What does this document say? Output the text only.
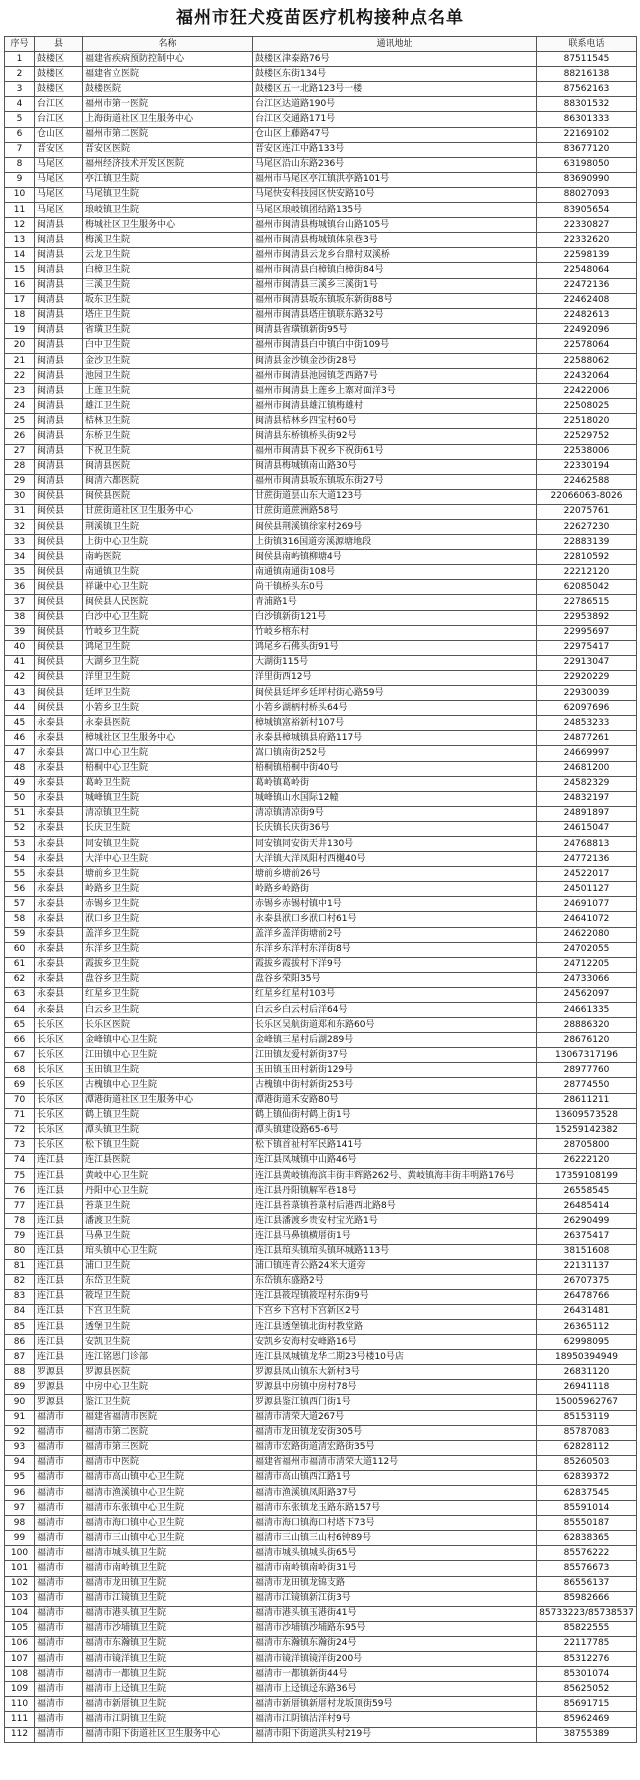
福州市狂犬疫苗医疗机构接种点名单
序号	县	名称	通讯地址	联系电话
1	鼓楼区	福建省疾病预防控制中心	鼓楼区津泰路76号	87511545
2	鼓楼区	福建省立医院	鼓楼区东街134号	88216138
3	鼓楼区	鼓楼医院	鼓楼区五一北路123号一楼	87562163
4	台江区	福州市第一医院	台江区达道路190号	88301532
5	台江区	上海街道社区卫生服务中心	台江区交通路171号	86301333
6	仓山区	福州市第二医院	仓山区上藤路47号	22169102
7	晋安区	晋安区医院	晋安区连江中路133号	83677120
8	马尾区	福州经济技术开发区医院	马尾区沿山东路236号	63198050
9	马尾区	亭江镇卫生院	福州市马尾区亭江镇洪亭路101号	83690990
10	马尾区	马尾镇卫生院	马尾快安科技园区快安路10号	88027093
11	马尾区	琅岐镇卫生院	马尾区琅岐镇团结路135号	83905654
12	闽清县	梅城社区卫生服务中心	福州市闽清县梅城镇台山路105号	22330827
13	闽清县	梅溪卫生院	福州市闽清县梅城镇体泉巷3号	22332620
14	闽清县	云龙卫生院	福州市闽清县云龙乡台鼎村双溪桥	22598139
15	闽清县	白樟卫生院	福州市闽清县白樟镇白樟街84号	22548064
16	闽清县	三溪卫生院	福州市闽清县三溪乡三溪街1号	22472136
17	闽清县	坂东卫生院	福州市闽清县坂东镇坂东新街88号	22462408
18	闽清县	塔庄卫生院	福州市闽清县塔庄镇联东路32号	22482613
19	闽清县	省璜卫生院	闽清县省璜镇新街95号	22492096
20	闽清县	白中卫生院	福州市闽清县白中镇白中街109号	22578064
21	闽清县	金沙卫生院	闽清县金沙镇金沙街28号	22588062
22	闽清县	池园卫生院	福州市闽清县池园镇芝西路7号	22432064
23	闽清县	上莲卫生院	福州市闽清县上莲乡上寨对面洋3号	22422006
24	闽清县	雄江卫生院	福州市闽清县雄江镇梅雄村	22508025
25	闽清县	桔林卫生院	闽清县桔林乡四宝村60号	22518020
26	闽清县	东桥卫生院	闽清县东桥镇桥头街92号	22529752
27	闽清县	下祝卫生院	福州市闽清县下祝乡下祝街61号	22538006
28	闽清县	闽清县医院	闽清县梅城镇南山路30号	22330194
29	闽清县	闽清六都医院	福州市闽清县坂东镇坂东街27号	22462588
30	闽侯县	闽侯县医院	甘蔗街道昙山东大道123号	22066063-8026
31	闽侯县	甘蔗街道社区卫生服务中心	甘蔗街道蔗洲路58号	22075761
32	闽侯县	荆溪镇卫生院	闽侯县荆溪镇徐家村269号	22627230
33	闽侯县	上街中心卫生院	上街镇316国道旁溪源塘地段	22883139
34	闽侯县	南屿医院	闽侯县南屿镇柳塘4号	22810592
35	闽侯县	南通镇卫生院	南通镇南通街108号	22212120
36	闽侯县	祥谦中心卫生院	尚干镇桥头东0号	62085042
37	闽侯县	闽侯县人民医院	青浦路1号	22786515
38	闽侯县	白沙中心卫生院	白沙镇新街121号	22953892
39	闽侯县	竹岐乡卫生院	竹岐乡榕东村	22995697
40	闽侯县	鸿尾卫生院	鸿尾乡石佛头街91号	22975417
41	闽侯县	大湖乡卫生院	大湖街115号	22913047
42	闽侯县	洋里卫生院	洋里街西12号	22920229
43	闽侯县	廷坪卫生院	闽侯县廷坪乡廷坪村街心路59号	22930039
44	闽侯县	小箬乡卫生院	小箬乡湖柄村桥头64号	62097696
45	永泰县	永泰县医院	樟城镇富裕新村107号	24853233
46	永泰县	樟城社区卫生服务中心	永泰县樟城镇县府路117号	24877261
47	永泰县	嵩口中心卫生院	嵩口镇南街252号	24669997
48	永泰县	梧桐中心卫生院	梧桐镇梧桐中街40号	24681200
49	永泰县	葛岭卫生院	葛岭镇葛岭街	24582329
50	永泰县	城峰镇卫生院	城峰镇山水国际12幢	24832197
51	永泰县	清凉镇卫生院	清凉镇清凉街9号	24891897
52	永泰县	长庆卫生院	长庆镇长庆街36号	24615047
53	永泰县	同安镇卫生院	同安镇同安街天井130号	24768813
54	永泰县	大洋中心卫生院	大洋镇大洋凤阳村西樾40号	24772136
55	永泰县	塘前乡卫生院	塘前乡塘前26号	24522017
56	永泰县	岭路乡卫生院	岭路乡岭路街	24501127
57	永泰县	赤锡乡卫生院	赤锡乡赤锡村镇中1号	24691077
58	永泰县	洑口乡卫生院	永泰县洑口乡洑口村61号	24641072
59	永泰县	盖洋乡卫生院	盖洋乡盖洋街塘前2号	24622080
60	永泰县	东洋乡卫生院	东洋乡东洋村东洋街8号	24702055
61	永泰县	霞拔乡卫生院	霞拔乡霞拔村下洋9号	24712205
62	永泰县	盘谷乡卫生院	盘谷乡荣阳35号	24733066
63	永泰县	红星乡卫生院	红星乡红星村103号	24562097
64	永泰县	白云乡卫生院	白云乡白云村后洋64号	24661335
65	长乐区	长乐区医院	长乐区吴航街道郑和东路60号	28886320
66	长乐区	金峰镇中心卫生院	金峰镇三星村后湖289号	28676120
67	长乐区	江田镇中心卫生院	江田镇友爱村新街37号	13067317196
68	长乐区	玉田镇卫生院	玉田镇玉田村新街129号	28977760
69	长乐区	古槐镇中心卫生院	古槐镇中街村新街253号	28774550
70	长乐区	潭港街道社区卫生服务中心	潭港街道禾安路80号	28611211
71	长乐区	鹤上镇卫生院	鹤上镇仙街村鹤上街1号	13609573528
72	长乐区	潭头镇卫生院	潭头镇建设路65-6号	15259142382
73	长乐区	松下镇卫生院	松下镇首祉村军民路141号	28705800
74	连江县	连江县医院	连江县凤城镇中山路46号	26222120
75	连江县	黄岐中心卫生院	连江县黄岐镇海滨丰街丰辉路262号、黄岐镇海丰街丰明路176号	17359108199
76	连江县	丹阳中心卫生院	连江县丹阳镇解军巷18号	26558545
77	连江县	苔菉卫生院	连江县苔菉镇苔菉村后港西北路8号	26485414
78	连江县	潘渡卫生院	连江县潘渡乡贵安村宝光路1号	26290499
79	连江县	马鼻卫生院	连江县马鼻镇横厝街1号	26375417
80	连江县	琯头镇中心卫生院	连江县琯头镇琯头镇环城路113号	38151608
81	连江县	浦口卫生院	浦口镇连青公路24米大道旁	22131137
82	连江县	东岱卫生院	东岱镇东盛路2号	26707375
83	连江县	筱埕卫生院	连江县筱埕镇筱埕村东街9号	26478766
84	连江县	下宫卫生院	下宫乡下宫村下宫新区2号	26431481
85	连江县	透堡卫生院	连江县透堡镇北街村教堂路	26365112
86	连江县	安凯卫生院	安凯乡安海村安峰路16号	62998095
87	连江县	连江铭恩门诊部	连江县凤城镇龙华二期23号楼10号店	18950394949
88	罗源县	罗源县医院	罗源县凤山镇东大新村3号	26831120
89	罗源县	中房中心卫生院	罗源县中房镇中房村78号	26941118
90	罗源县	鉴江卫生院	罗源县鉴江镇西门街1号	15005962767
91	福清市	福建省福清市医院	福清市清荣大道267号	85153119
92	福清市	福清市第二医院	福清市龙田镇龙安街305号	85787083
93	福清市	福清市第三医院	福清市宏路街道清宏路街35号	62828112
94	福清市	福清市中医院	福建省福州市福清市清荣大道112号	85260503
95	福清市	福清市高山镇中心卫生院	福清市高山镇西江路1号	62839372
96	福清市	福清市渔溪镇中心卫生院	福清市渔溪镇凤阳路37号	62837545
97	福清市	福清市东张镇中心卫生院	福清市东张镇龙玉路东路157号	85591014
98	福清市	福清市海口镇中心卫生院	福清市海口镇海口村塔下73号	85550187
99	福清市	福清市三山镇中心卫生院	福清市三山镇三山村6钟89号	62838365
100	福清市	福清市城头镇卫生院	福清市城头镇城头街65号	85576222
101	福清市	福清市南岭镇卫生院	福清市南岭镇南岭街31号	85576673
102	福清市	福清市龙田镇卫生院	福清市龙田镇龙锦支路	86556137
103	福清市	福清市江镜镇卫生院	福清市江镜镇新江街3号	85982666
104	福清市	福清市港头镇卫生院	福清市港头镇玉港街41号	85733223/85738537
105	福清市	福清市沙埔镇卫生院	福清市沙埔镇沙埔路东95号	85822555
106	福清市	福清市东瀚镇卫生院	福清市东瀚镇东瀚街24号	22117785
107	福清市	福清市镜洋镇卫生院	福清市镜洋镇镜洋街200号	85312276
108	福清市	福清市一都镇卫生院	福清市一都镇新街44号	85301074
109	福清市	福清市上迳镇卫生院	福清市上迳镇迳东路36号	85625052
110	福清市	福清市新厝镇卫生院	福清市新厝镇新厝村龙坂顶街59号	85691715
111	福清市	福清市江阴镇卫生院	福清市江阴镇沽洋村9号	85962469
112	福清市	福清市阳下街道社区卫生服务中心	福清市阳下街道洪头村219号	38755389
